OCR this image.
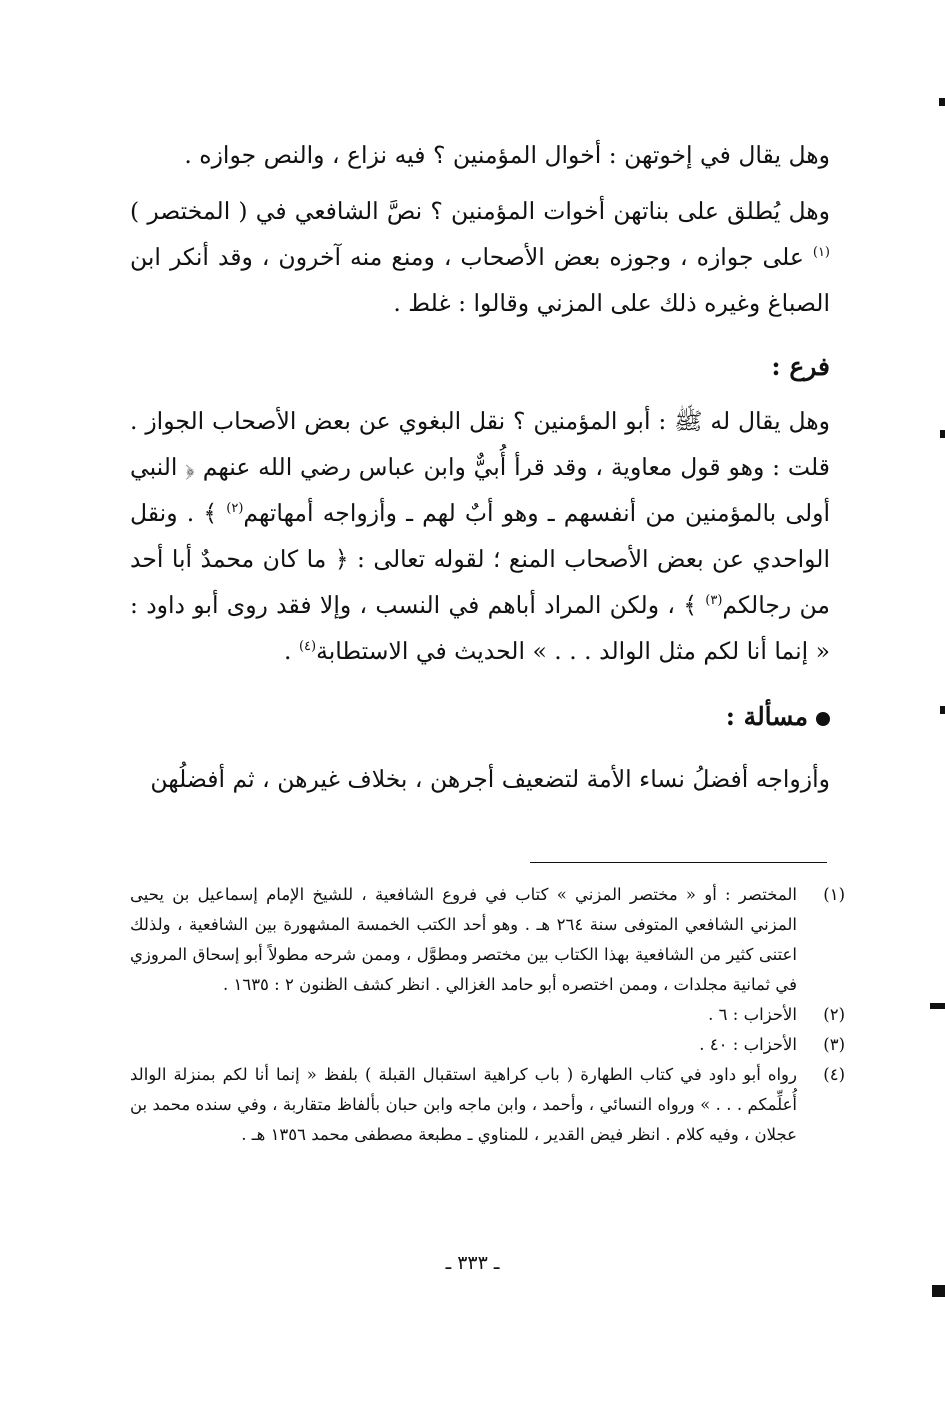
وهل يقال في إخوتهن : أخوال المؤمنين ؟ فيه نزاع ، والنص جوازه .

وهل يُطلق على بناتهن أخوات المؤمنين ؟ نصَّ الشافعي في ( المختصر )$^{(١)}$ على جوازه ، وجوزه بعض الأصحاب ، ومنع منه آخرون ، وقد أنكر ابن الصباغ وغيره ذلك على المزني وقالوا : غلط .

فرع :

وهل يقال له ﷺ : أبو المؤمنين ؟ نقل البغوي عن بعض الأصحاب الجواز . قلت : وهو قول معاوية ، وقد قرأ أُبيٌّ وابن عباس رضي الله عنهم ﴿ النبي أولى بالمؤمنين من أنفسهم ـ وهو أبٌ لهم ـ وأزواجه أمهاتهم$^{(٢)}$ ﴾ . ونقل الواحدي عن بعض الأصحاب المنع ؛ لقوله تعالى : ﴿ ما كان محمدٌ أبا أحد من رجالكم$^{(٣)}$ ﴾ ، ولكن المراد أباهم في النسب ، وإلا فقد روى أبو داود : « إنما أنا لكم مثل الوالد . . . » الحديث في الاستطابة$^{(٤)}$ .

مسألة :

وأزواجه أفضلُ نساء الأمة لتضعيف أجرهن ، بخلاف غيرهن ، ثم أفضلُهن

(١)
المختصر : أو « مختصر المزني » كتاب في فروع الشافعية ، للشيخ الإمام إسماعيل بن يحيى المزني الشافعي المتوفى سنة ٢٦٤ هـ . وهو أحد الكتب الخمسة المشهورة بين الشافعية ، ولذلك اعتنى كثير من الشافعية بهذا الكتاب بين مختصر ومطوَّل ، وممن شرحه مطولاً أبو إسحاق المروزي في ثمانية مجلدات ، وممن اختصره أبو حامد الغزالي . انظر كشف الظنون ٢ : ١٦٣٥ .
(٢)
الأحزاب : ٦ .
(٣)
الأحزاب : ٤٠ .
(٤)
رواه أبو داود في كتاب الطهارة ( باب كراهية استقبال القبلة ) بلفظ « إنما أنا لكم بمنزلة الوالد أُعلِّمكم . . . » ورواه النسائي ، وأحمد ، وابن ماجه وابن حبان بألفاظ متقاربة ، وفي سنده محمد بن عجلان ، وفيه كلام . انظر فيض القدير ، للمناوي ـ مطبعة مصطفى محمد ١٣٥٦ هـ .
ـ ٣٣٣ ـ
